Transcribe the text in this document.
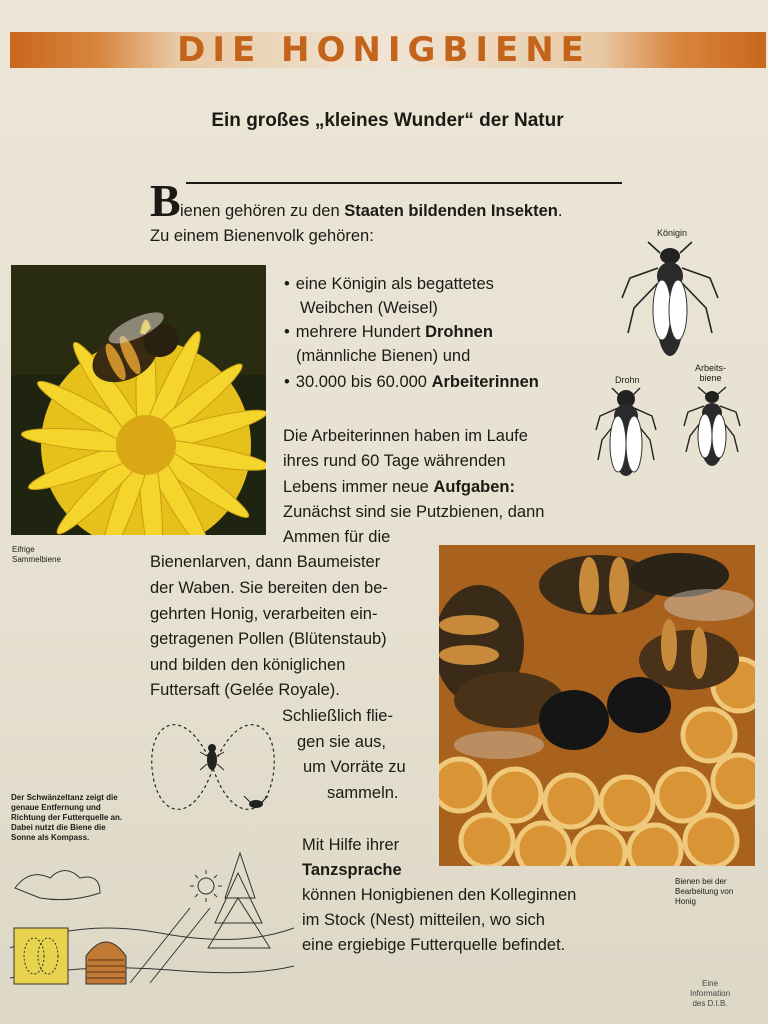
DIE HONIGBIENE
Ein großes „kleines Wunder“ der Natur
B ienen gehören zu den Staaten bildenden Insekten.
Zu einem Bienenvolk gehören:
Eifrige
Sammelbiene
• eine Königin als begattetes
Weibchen (Weisel)
• mehrere Hundert Drohnen
(männliche Bienen) und
• 30.000 bis 60.000 Arbeiterinnen
Königin
Drohn
Arbeits-
biene
Die Arbeiterinnen haben im Laufe
ihres rund 60 Tage währenden
Lebens immer neue Aufgaben:
Zunächst sind sie Putzbienen, dann
Ammen für die
Bienenlarven, dann Baumeister
der Waben. Sie bereiten den be-
gehrten Honig, verarbeiten ein-
getragenen Pollen (Blütenstaub)
und bilden den königlichen
Futtersaft (Gelée Royale).
Schließlich flie-
gen sie aus,
um Vorräte zu
sammeln.
Bienen bei der
Bearbeitung von
Honig
Der Schwänzeltanz zeigt die
genaue Entfernung und
Richtung der Futterquelle an.
Dabei nutzt die Biene die
Sonne als Kompass.	Mit Hilfe ihrer
Tanzsprache
können Honigbienen den Kolleginnen
im Stock (Nest) mitteilen, wo sich
eine ergiebige Futterquelle befindet.
Eine
Information
des D.I.B.
